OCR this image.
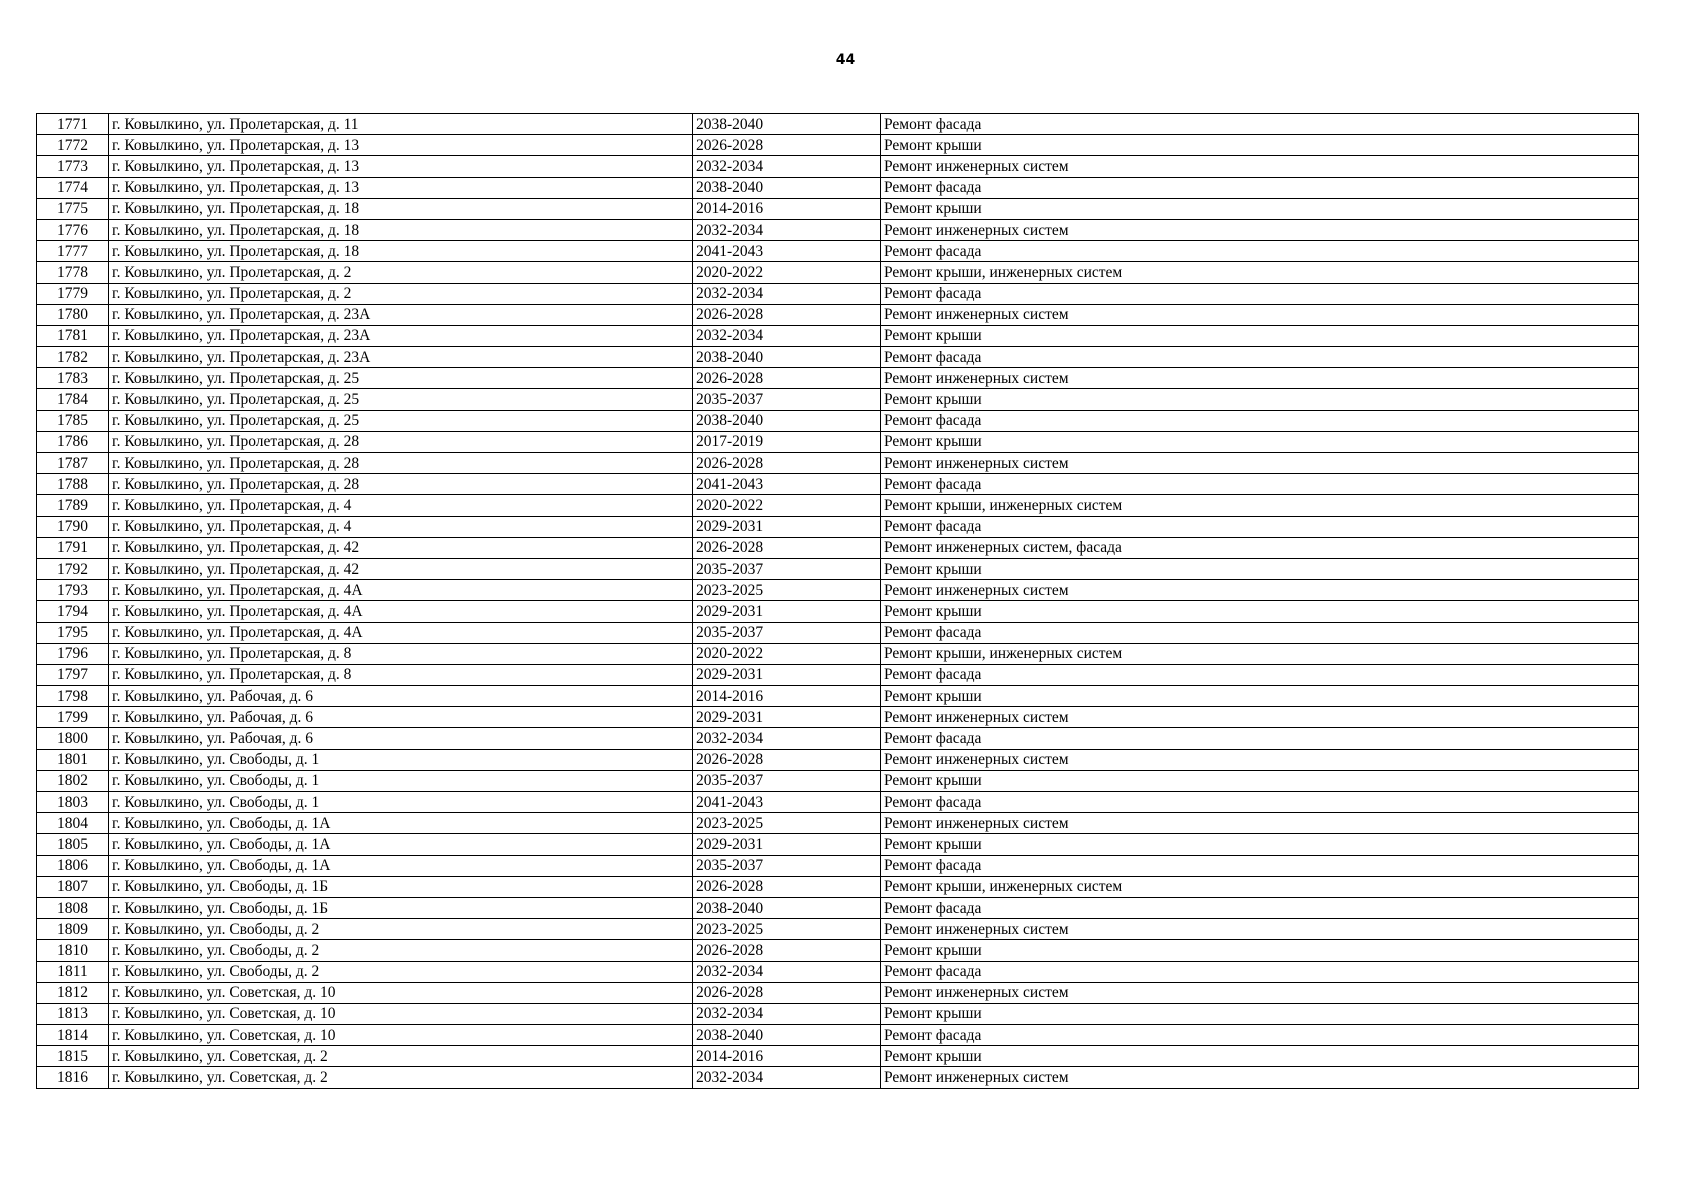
44
1771	г. Ковылкино, ул. Пролетарская, д. 11	2038-2040	Ремонт фасада
1772	г. Ковылкино, ул. Пролетарская, д. 13	2026-2028	Ремонт крыши
1773	г. Ковылкино, ул. Пролетарская, д. 13	2032-2034	Ремонт инженерных систем
1774	г. Ковылкино, ул. Пролетарская, д. 13	2038-2040	Ремонт фасада
1775	г. Ковылкино, ул. Пролетарская, д. 18	2014-2016	Ремонт крыши
1776	г. Ковылкино, ул. Пролетарская, д. 18	2032-2034	Ремонт инженерных систем
1777	г. Ковылкино, ул. Пролетарская, д. 18	2041-2043	Ремонт фасада
1778	г. Ковылкино, ул. Пролетарская, д. 2	2020-2022	Ремонт крыши, инженерных систем
1779	г. Ковылкино, ул. Пролетарская, д. 2	2032-2034	Ремонт фасада
1780	г. Ковылкино, ул. Пролетарская, д. 23А	2026-2028	Ремонт инженерных систем
1781	г. Ковылкино, ул. Пролетарская, д. 23А	2032-2034	Ремонт крыши
1782	г. Ковылкино, ул. Пролетарская, д. 23А	2038-2040	Ремонт фасада
1783	г. Ковылкино, ул. Пролетарская, д. 25	2026-2028	Ремонт инженерных систем
1784	г. Ковылкино, ул. Пролетарская, д. 25	2035-2037	Ремонт крыши
1785	г. Ковылкино, ул. Пролетарская, д. 25	2038-2040	Ремонт фасада
1786	г. Ковылкино, ул. Пролетарская, д. 28	2017-2019	Ремонт крыши
1787	г. Ковылкино, ул. Пролетарская, д. 28	2026-2028	Ремонт инженерных систем
1788	г. Ковылкино, ул. Пролетарская, д. 28	2041-2043	Ремонт фасада
1789	г. Ковылкино, ул. Пролетарская, д. 4	2020-2022	Ремонт крыши, инженерных систем
1790	г. Ковылкино, ул. Пролетарская, д. 4	2029-2031	Ремонт фасада
1791	г. Ковылкино, ул. Пролетарская, д. 42	2026-2028	Ремонт инженерных систем, фасада
1792	г. Ковылкино, ул. Пролетарская, д. 42	2035-2037	Ремонт крыши
1793	г. Ковылкино, ул. Пролетарская, д. 4А	2023-2025	Ремонт инженерных систем
1794	г. Ковылкино, ул. Пролетарская, д. 4А	2029-2031	Ремонт крыши
1795	г. Ковылкино, ул. Пролетарская, д. 4А	2035-2037	Ремонт фасада
1796	г. Ковылкино, ул. Пролетарская, д. 8	2020-2022	Ремонт крыши, инженерных систем
1797	г. Ковылкино, ул. Пролетарская, д. 8	2029-2031	Ремонт фасада
1798	г. Ковылкино, ул. Рабочая, д. 6	2014-2016	Ремонт крыши
1799	г. Ковылкино, ул. Рабочая, д. 6	2029-2031	Ремонт инженерных систем
1800	г. Ковылкино, ул. Рабочая, д. 6	2032-2034	Ремонт фасада
1801	г. Ковылкино, ул. Свободы, д. 1	2026-2028	Ремонт инженерных систем
1802	г. Ковылкино, ул. Свободы, д. 1	2035-2037	Ремонт крыши
1803	г. Ковылкино, ул. Свободы, д. 1	2041-2043	Ремонт фасада
1804	г. Ковылкино, ул. Свободы, д. 1А	2023-2025	Ремонт инженерных систем
1805	г. Ковылкино, ул. Свободы, д. 1А	2029-2031	Ремонт крыши
1806	г. Ковылкино, ул. Свободы, д. 1А	2035-2037	Ремонт фасада
1807	г. Ковылкино, ул. Свободы, д. 1Б	2026-2028	Ремонт крыши, инженерных систем
1808	г. Ковылкино, ул. Свободы, д. 1Б	2038-2040	Ремонт фасада
1809	г. Ковылкино, ул. Свободы, д. 2	2023-2025	Ремонт инженерных систем
1810	г. Ковылкино, ул. Свободы, д. 2	2026-2028	Ремонт крыши
1811	г. Ковылкино, ул. Свободы, д. 2	2032-2034	Ремонт фасада
1812	г. Ковылкино, ул. Советская, д. 10	2026-2028	Ремонт инженерных систем
1813	г. Ковылкино, ул. Советская, д. 10	2032-2034	Ремонт крыши
1814	г. Ковылкино, ул. Советская, д. 10	2038-2040	Ремонт фасада
1815	г. Ковылкино, ул. Советская, д. 2	2014-2016	Ремонт крыши
1816	г. Ковылкино, ул. Советская, д. 2	2032-2034	Ремонт инженерных систем
